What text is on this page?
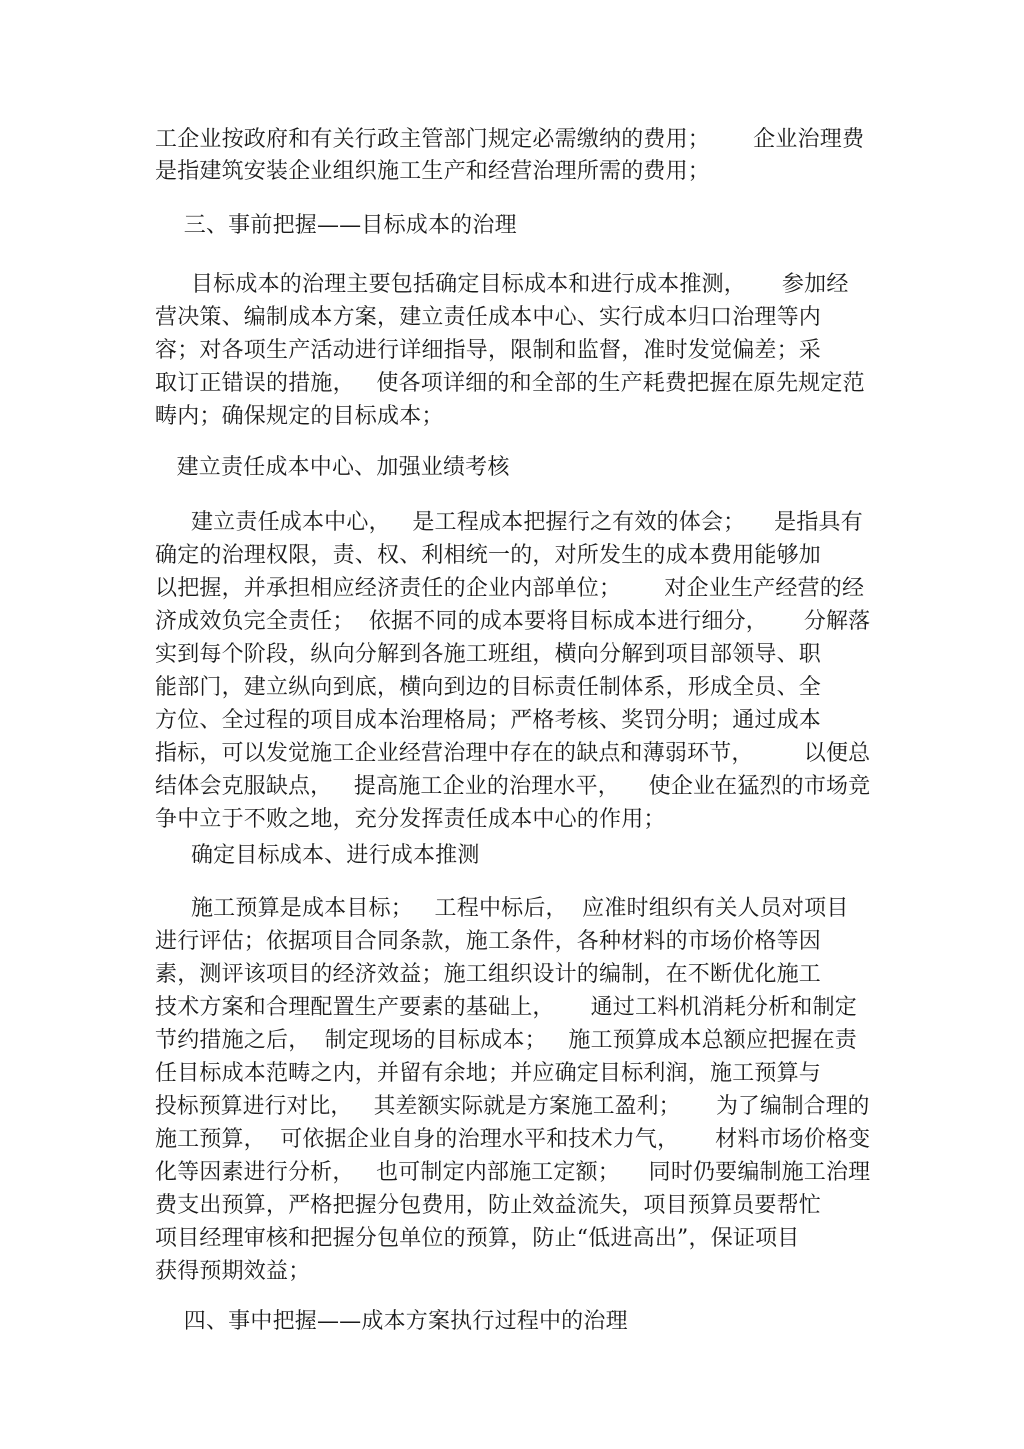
工企业按政府和有关行政主管部门规定必需缴纳的费用；      企业治理费
是指建筑安装企业组织施工生产和经营治理所需的费用；
三、事前把握——目标成本的治理
目标成本的治理主要包括确定目标成本和进行成本推测，     参加经
营决策、编制成本方案，建立责任成本中心、实行成本归口治理等内
容；对各项生产活动进行详细指导，限制和监督，准时发觉偏差；采
取订正错误的措施，   使各项详细的和全部的生产耗费把握在原先规定范
畴内；确保规定的目标成本；
建立责任成本中心、加强业绩考核
建立责任成本中心，   是工程成本把握行之有效的体会；    是指具有
确定的治理权限，责、权、利相统一的，对所发生的成本费用能够加
以把握，并承担相应经济责任的企业内部单位；      对企业生产经营的经
济成效负完全责任；  依据不同的成本要将目标成本进行细分，     分解落
实到每个阶段，纵向分解到各施工班组，横向分解到项目部领导、职
能部门，建立纵向到底，横向到边的目标责任制体系，形成全员、全
方位、全过程的项目成本治理格局；严格考核、奖罚分明；通过成本
指标，可以发觉施工企业经营治理中存在的缺点和薄弱环节，       以便总
结体会克服缺点，   提高施工企业的治理水平，    使企业在猛烈的市场竞
争中立于不败之地，充分发挥责任成本中心的作用；
确定目标成本、进行成本推测
施工预算是成本目标；   工程中标后，  应准时组织有关人员对项目
进行评估；依据项目合同条款，施工条件，各种材料的市场价格等因
素，测评该项目的经济效益；施工组织设计的编制，在不断优化施工
技术方案和合理配置生产要素的基础上，     通过工料机消耗分析和制定
节约措施之后，  制定现场的目标成本；   施工预算成本总额应把握在责
任目标成本范畴之内，并留有余地；并应确定目标利润，施工预算与
投标预算进行对比，   其差额实际就是方案施工盈利；     为了编制合理的
施工预算，  可依据企业自身的治理水平和技术力气，     材料市场价格变
化等因素进行分析，   也可制定内部施工定额；    同时仍要编制施工治理
费支出预算，严格把握分包费用，防止效益流失，项目预算员要帮忙
项目经理审核和把握分包单位的预算，防止“低进高出”，保证项目
获得预期效益；
四、事中把握——成本方案执行过程中的治理
